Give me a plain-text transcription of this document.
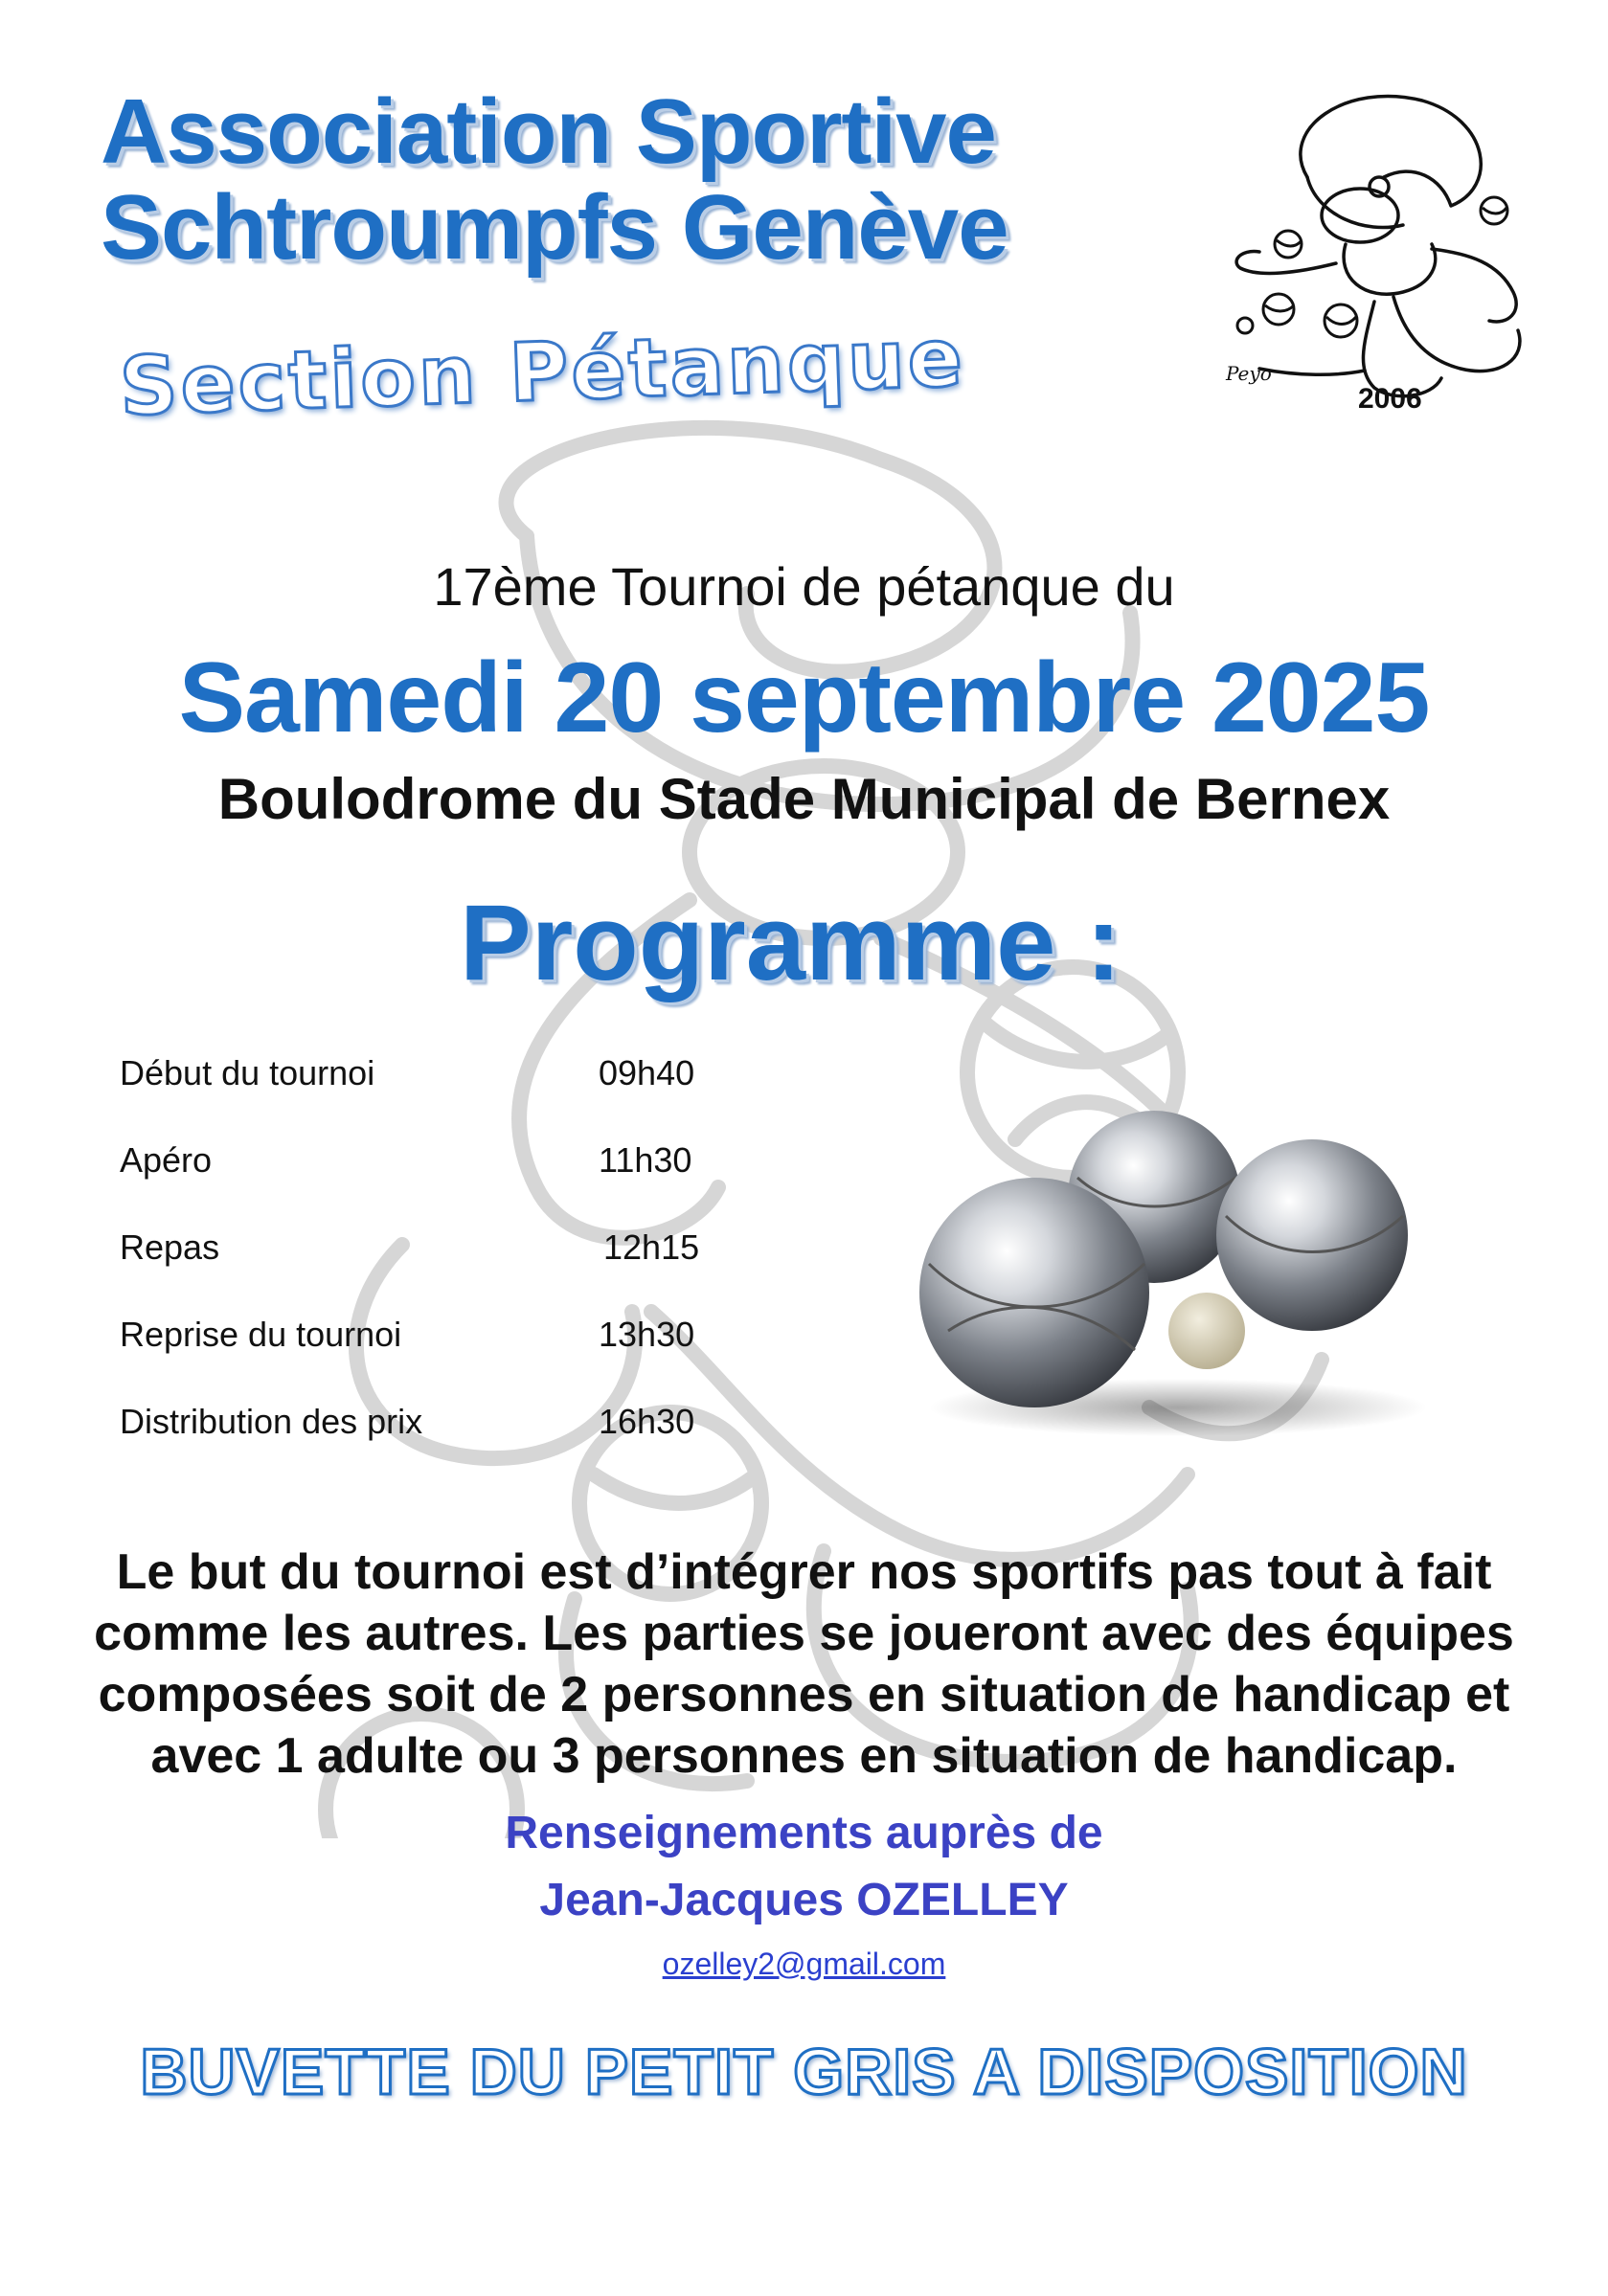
Association Sportive
Schtroumpfs Genève
Section Pétanque	Peyo
2006
17ème Tournoi de pétanque du
Samedi 20 septembre 2025
Boulodrome du Stade Municipal de Bernex
Programme :
Début du tournoi	09h40
Apéro	11h30
Repas	12h15
Reprise du tournoi	13h30
Distribution des prix	16h30
Le but du tournoi est d’intégrer nos sportifs pas tout à fait
comme les autres. Les parties se joueront avec des équipes
composées soit de 2 personnes en situation de handicap et
avec 1 adulte ou 3 personnes en situation de handicap.
Renseignements auprès de
Jean-Jacques OZELLEY
ozelley2@gmail.com
BUVETTE DU PETIT GRIS A DISPOSITION
